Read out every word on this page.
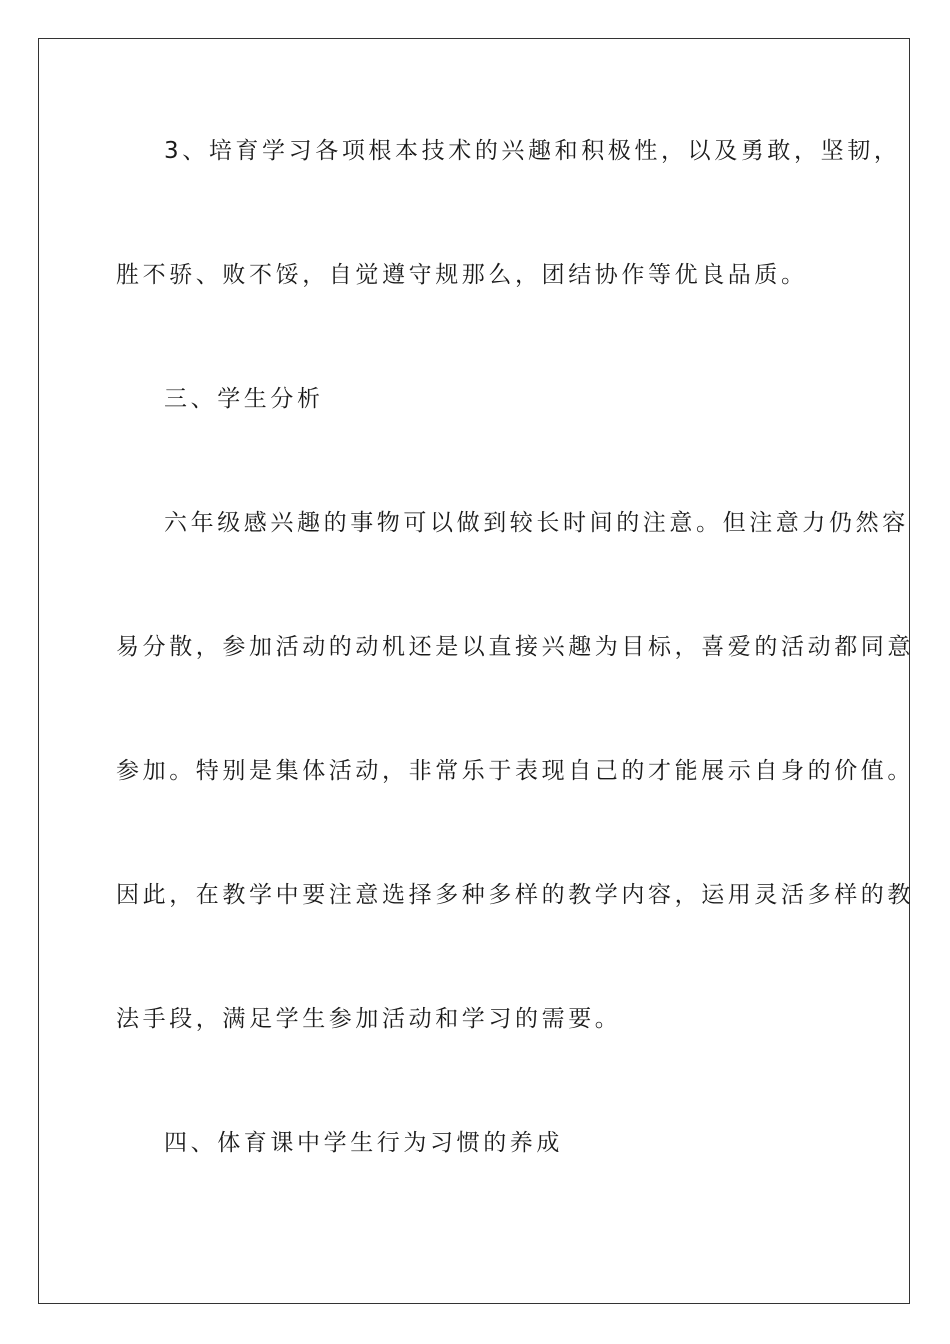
3、培育学习各项根本技术的兴趣和积极性，以及勇敢，坚韧，
胜不骄、败不馁，自觉遵守规那么，团结协作等优良品质。
三、学生分析
六年级感兴趣的事物可以做到较长时间的注意。但注意力仍然容
易分散，参加活动的动机还是以直接兴趣为目标，喜爱的活动都同意
参加。特别是集体活动，非常乐于表现自己的才能展示自身的价值。
因此，在教学中要注意选择多种多样的教学内容，运用灵活多样的教
法手段，满足学生参加活动和学习的需要。
四、体育课中学生行为习惯的养成
